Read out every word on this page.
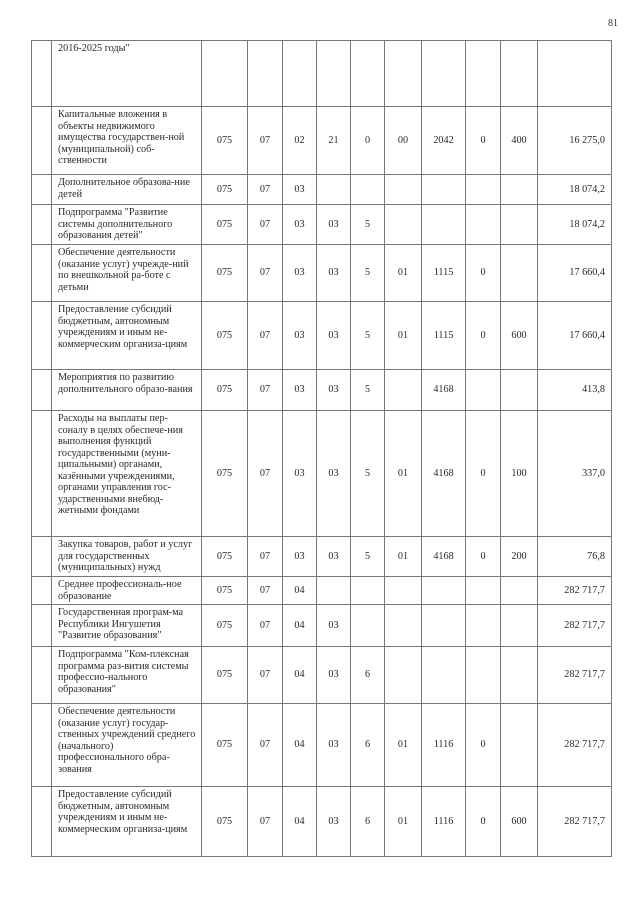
81
	2016-2025 годы"										
	Капитальные вложения в объекты недвижимого имущества государствен-ной (муниципальной) соб-ственности	075	07	02	21	0	00	2042	0	400	16 275,0
	Дополнительное образова-ние детей	075	07	03							18 074,2
	Подпрограмма "Развитие системы дополнительного образования детей"	075	07	03	03	5					18 074,2
	Обеспечение деятельности (оказание услуг) учрежде-ний по внешкольной ра-боте с детьми	075	07	03	03	5	01	1115	0		17 660,4
	Предоставление субсидий бюджетным, автономным учреждениям и иным не-коммерческим организа-циям	075	07	03	03	5	01	1115	0	600	17 660,4
	Мероприятия по развитию дополнительного образо-вания	075	07	03	03	5		4168			413,8
	Расходы на выплаты пер-соналу в целях обеспече-ния выполнения функций государственными (муни-ципальными) органами, казёнными учреждениями, органами управления гос-ударственными внебюд-жетными фондами	075	07	03	03	5	01	4168	0	100	337,0
	Закупка товаров, работ и услуг для государственных (муниципальных) нужд	075	07	03	03	5	01	4168	0	200	76,8
	Среднее профессиональ-ное образование	075	07	04							282 717,7
	Государственная програм-ма Республики Ингушетия "Развитие образования"	075	07	04	03						282 717,7
	Подпрограмма "Ком-плексная программа раз-вития системы профессио-нального образования"	075	07	04	03	6					282 717,7
	Обеспечение деятельности (оказание услуг) государ-ственных учреждений среднего (начального) профессионального обра-зования	075	07	04	03	6	01	1116	0		282 717,7
	Предоставление субсидий бюджетным, автономным учреждениям и иным не-коммерческим организа-циям	075	07	04	03	6	01	1116	0	600	282 717,7
